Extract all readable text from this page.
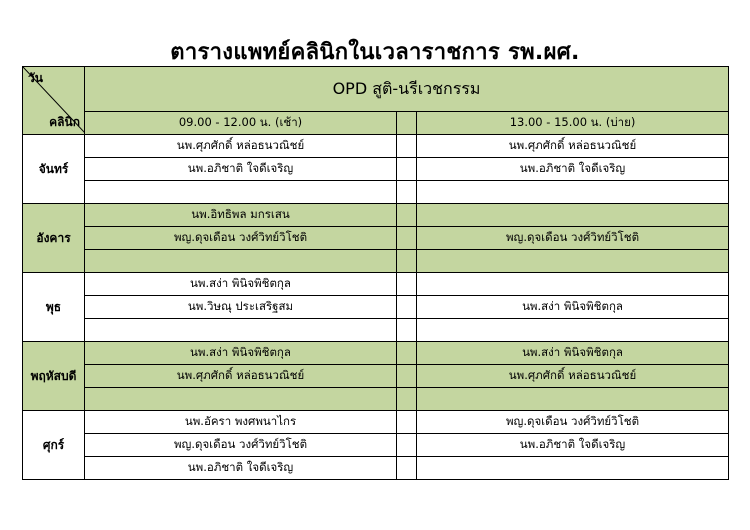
ตารางแพทย์คลินิกในเวลาราชการ รพ.ผศ.
วัน
คลินิก	OPD สูติ-นรีเวชกรรม		
	09.00 - 12.00 น. (เช้า)		13.00 - 15.00 น. (บ่าย)
จันทร์	นพ.ศุภศักดิ์ หล่อธนวณิชย์		นพ.ศุภศักดิ์ หล่อธนวณิชย์
	นพ.อภิชาติ ใจดีเจริญ		นพ.อภิชาติ ใจดีเจริญ

อังคาร	นพ.อิทธิพล มกรเสน		
	พญ.ดุจเดือน วงศ์วิทย์วิโชติ		พญ.ดุจเดือน วงศ์วิทย์วิโชติ

พุธ	นพ.สง่า พินิจพิชิตกุล		
	นพ.วิษณุ ประเสริฐสม		นพ.สง่า พินิจพิชิตกุล

พฤหัสบดี	นพ.สง่า พินิจพิชิตกุล		นพ.สง่า พินิจพิชิตกุล
	นพ.ศุภศักดิ์ หล่อธนวณิชย์		นพ.ศุภศักดิ์ หล่อธนวณิชย์

ศุกร์	นพ.อัครา พงศพนาไกร		พญ.ดุจเดือน วงศ์วิทย์วิโชติ
	พญ.ดุจเดือน วงศ์วิทย์วิโชติ		นพ.อภิชาติ ใจดีเจริญ
	นพ.อภิชาติ ใจดีเจริญ		
